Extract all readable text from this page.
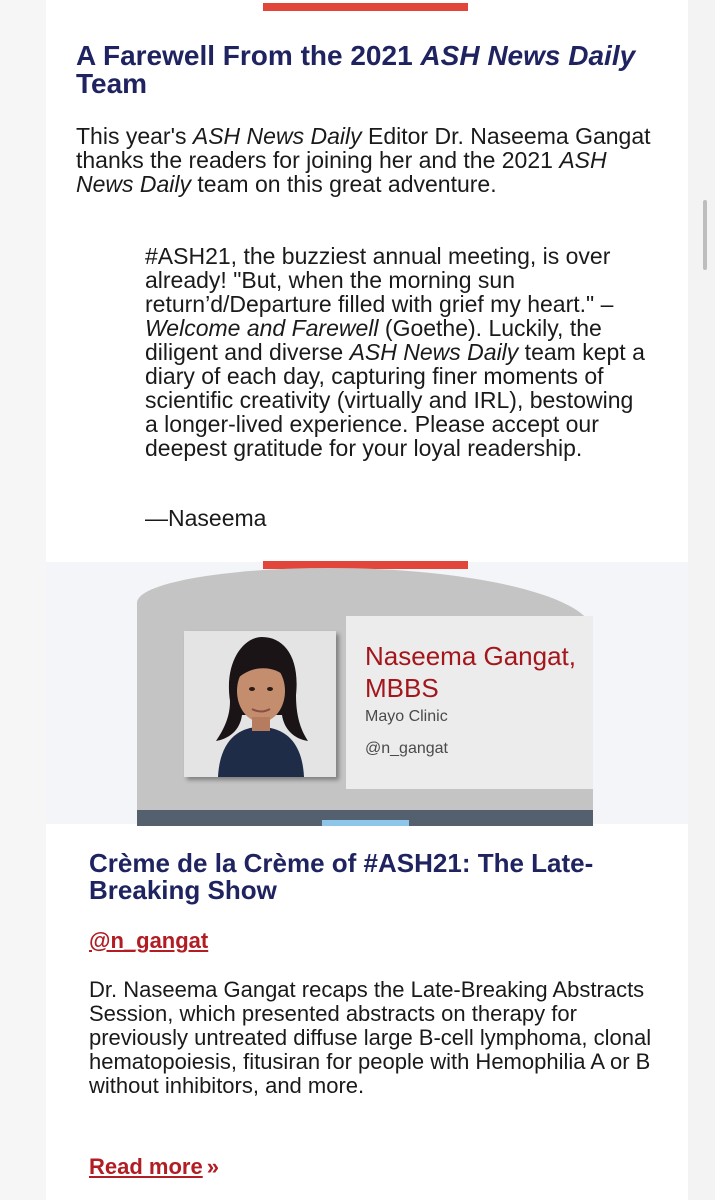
A Farewell From the 2021 ASH News Daily Team

This year's ASH News Daily Editor Dr. Naseema Gangat thanks the readers for joining her and the 2021 ASH News Daily team on this great adventure.

#ASH21, the buzziest annual meeting, is over already! "But, when the morning sun return’d/Departure filled with grief my heart." –Welcome and Farewell (Goethe). Luckily, the diligent and diverse ASH News Daily team kept a diary of each day, capturing finer moments of scientific creativity (virtually and IRL), bestowing a longer-lived experience. Please accept our deepest gratitude for your loyal readership.

—Naseema

Naseema Gangat, MBBS

Mayo Clinic

@n_gangat

Crème de la Crème of #ASH21: The Late-Breaking Show
@n_gangat

Dr. Naseema Gangat recaps the Late-Breaking Abstracts Session, which presented abstracts on therapy for previously untreated diffuse large B-cell lymphoma, clonal hematopoiesis, fitusiran for people with Hemophilia A or B without inhibitors, and more.

Read more »
